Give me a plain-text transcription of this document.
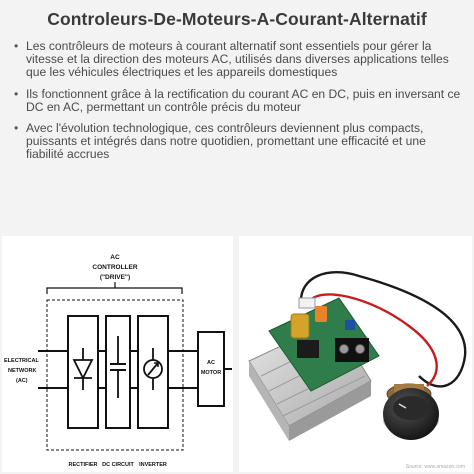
Controleurs-De-Moteurs-A-Courant-Alternatif
• Les contrôleurs de moteurs à courant alternatif sont essentiels pour gérer la vitesse et la direction des moteurs AC, utilisés dans diverses applications telles que les véhicules électriques et les appareils domestiques
• Ils fonctionnent grâce à la rectification du courant AC en DC, puis en inversant ce DC en AC, permettant un contrôle précis du moteur
• Avec l'évolution technologique, ces contrôleurs deviennent plus compacts, puissants et intégrés dans notre quotidien, promettant une efficacité et une fiabilité accrues
AC
CONTROLLER
("DRIVE")
ELECTRICAL
NETWORK
(AC)
AC
MOTOR
RECTIFIER DC CIRCUIT INVERTER	Source: www.amazon.com
